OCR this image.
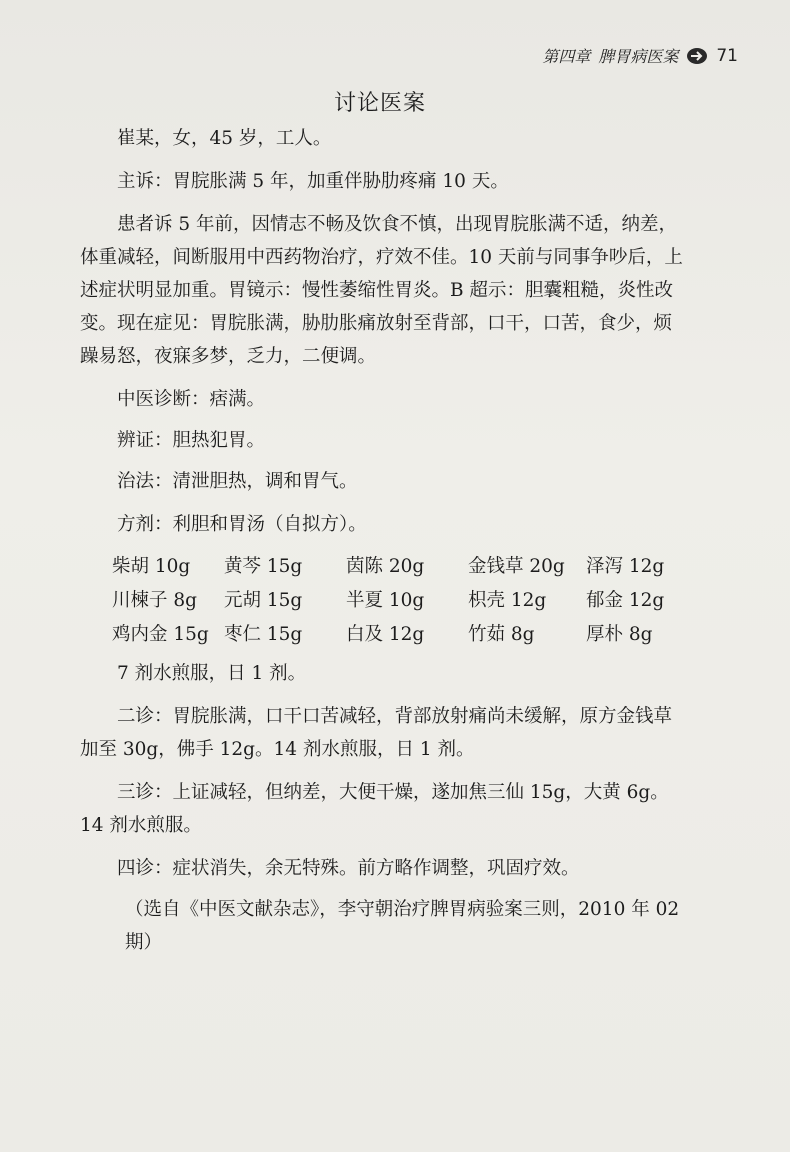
第四章 脾胃病医案 71
讨论医案

崔某，女，45 岁，工人。

主诉：胃脘胀满 5 年，加重伴胁肋疼痛 10 天。

患者诉 5 年前，因情志不畅及饮食不慎，出现胃脘胀满不适，纳差，体重减轻，间断服用中西药物治疗，疗效不佳。10 天前与同事争吵后，上述症状明显加重。胃镜示：慢性萎缩性胃炎。B 超示：胆囊粗糙，炎性改变。现在症见：胃脘胀满，胁肋胀痛放射至背部，口干，口苦，食少，烦躁易怒，夜寐多梦，乏力，二便调。

中医诊断：痞满。

辨证：胆热犯胃。

治法：清泄胆热，调和胃气。

方剂：利胆和胃汤（自拟方）。

柴胡 10g	黄芩 15g	茵陈 20g	金钱草 20g	泽泻 12g
川楝子 8g	元胡 15g	半夏 10g	枳壳 12g	郁金 12g
鸡内金 15g 枣仁 15g	白及 12g	竹茹 8g	厚朴 8g

7 剂水煎服，日 1 剂。

二诊：胃脘胀满，口干口苦减轻，背部放射痛尚未缓解，原方金钱草加至 30g，佛手 12g。14 剂水煎服，日 1 剂。

三诊：上证减轻，但纳差，大便干燥，遂加焦三仙 15g，大黄 6g。14 剂水煎服。

四诊：症状消失，余无特殊。前方略作调整，巩固疗效。

（选自《中医文献杂志》，李守朝治疗脾胃病验案三则，2010 年 02 期）
